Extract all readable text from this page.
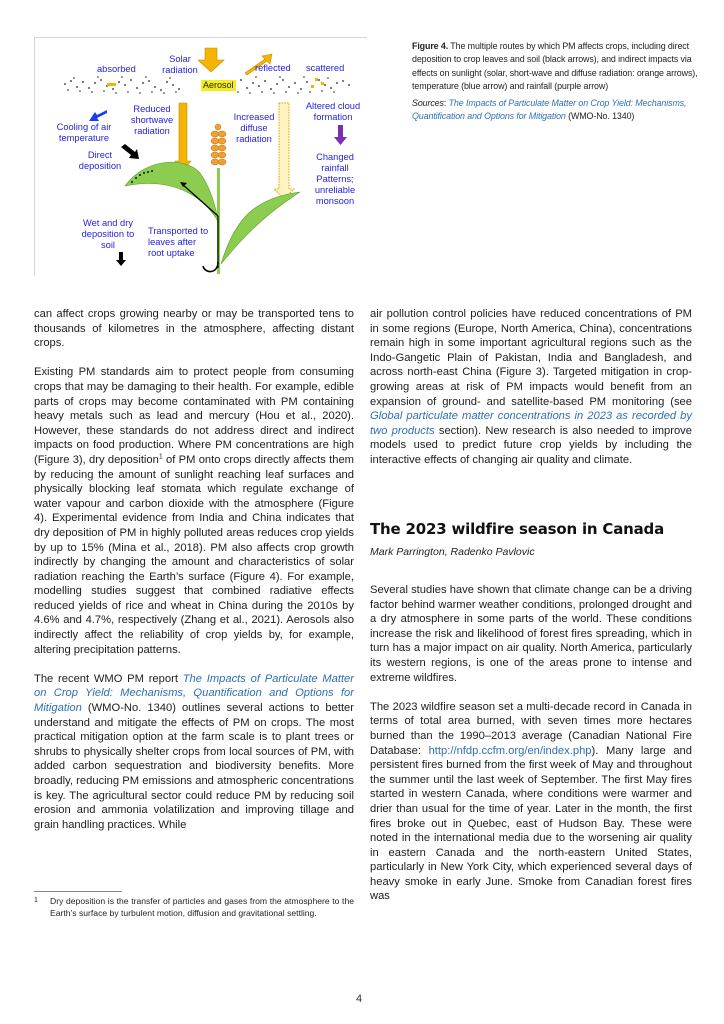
absorbed
Solar radiation	reflected scattered
Aerosol
Reduced shortwave radiation
Increased diffuse radiation
Altered cloud formation
Cooling of air temperature
Direct deposition
Changed rainfall Patterns; unreliable monsoon
Wet and dry deposition to soil
Transported to leaves after root uptake
Figure 4. The multiple routes by which PM affects crops, including direct deposition to crop leaves and soil (black arrows), and indirect impacts via effects on sunlight (solar, short-wave and diffuse radiation: orange arrows), temperature (blue arrow) and rainfall (purple arrow)
Sources: The Impacts of Particulate Matter on Crop Yield: Mechanisms, Quantification and Options for Mitigation (WMO-No. 1340)

can affect crops growing nearby or may be transported tens to thousands of kilometres in the atmosphere, affecting distant crops.

Existing PM standards aim to protect people from consuming crops that may be damaging to their health. For example, edible parts of crops may become contaminated with PM containing heavy metals such as lead and mercury (Hou et al., 2020). However, these standards do not address direct and indirect impacts on food production. Where PM concentrations are high (Figure 3), dry deposition$^1$ of PM onto crops directly affects them by reducing the amount of sunlight reaching leaf surfaces and physically blocking leaf stomata which regulate exchange of water vapour and carbon dioxide with the atmosphere (Figure 4). Experimental evidence from India and China indicates that dry deposition of PM in highly polluted areas reduces crop yields by up to 15% (Mina et al., 2018). PM also affects crop growth indirectly by changing the amount and characteristics of solar radiation reaching the Earth’s surface (Figure 4). For example, modelling studies suggest that combined radiative effects reduced yields of rice and wheat in China during the 2010s by 4.6% and 4.7%, respectively (Zhang et al., 2021). Aerosols also indirectly affect the reliability of crop yields by, for example, altering precipitation patterns.

The recent WMO PM report The Impacts of Particulate Matter on Crop Yield: Mechanisms, Quantification and Options for Mitigation (WMO-No. 1340) outlines several actions to better understand and mitigate the effects of PM on crops. The most practical mitigation option at the farm scale is to plant trees or shrubs to physically shelter crops from local sources of PM, with added carbon sequestration and biodiversity benefits. More broadly, reducing PM emissions and atmospheric concentrations is key. The agricultural sector could reduce PM by reducing soil erosion and ammonia volatilization and improving tillage and grain handling practices. While

1 Dry deposition is the transfer of particles and gases from the atmosphere to the Earth’s surface by turbulent motion, diffusion and gravitational settling.

air pollution control policies have reduced concentrations of PM in some regions (Europe, North America, China), concentrations remain high in some important agricultural regions such as the Indo-Gangetic Plain of Pakistan, India and Bangladesh, and across north-east China (Figure 3). Targeted mitigation in crop-growing areas at risk of PM impacts would benefit from an expansion of ground- and satellite-based PM monitoring (see Global particulate matter concentrations in 2023 as recorded by two products section). New research is also needed to improve models used to predict future crop yields by including the interactive effects of changing air quality and climate.

The 2023 wildfire season in Canada
Mark Parrington, Radenko Pavlovic

Several studies have shown that climate change can be a driving factor behind warmer weather conditions, prolonged drought and a dry atmosphere in some parts of the world. These conditions increase the risk and likelihood of forest fires spreading, which in turn has a major impact on air quality. North America, particularly its western regions, is one of the areas prone to intense and extreme wildfires.

The 2023 wildfire season set a multi-decade record in Canada in terms of total area burned, with seven times more hectares burned than the 1990–2013 average (Canadian National Fire Database: http://nfdp.ccfm.org/en/index.php). Many large and persistent fires burned from the first week of May and throughout the summer until the last week of September. The first May fires started in western Canada, where conditions were warmer and drier than usual for the time of year. Later in the month, the first fires broke out in Quebec, east of Hudson Bay. These were noted in the international media due to the worsening air quality in eastern Canada and the north-eastern United States, particularly in New York City, which experienced several days of heavy smoke in early June. Smoke from Canadian forest fires was

4
